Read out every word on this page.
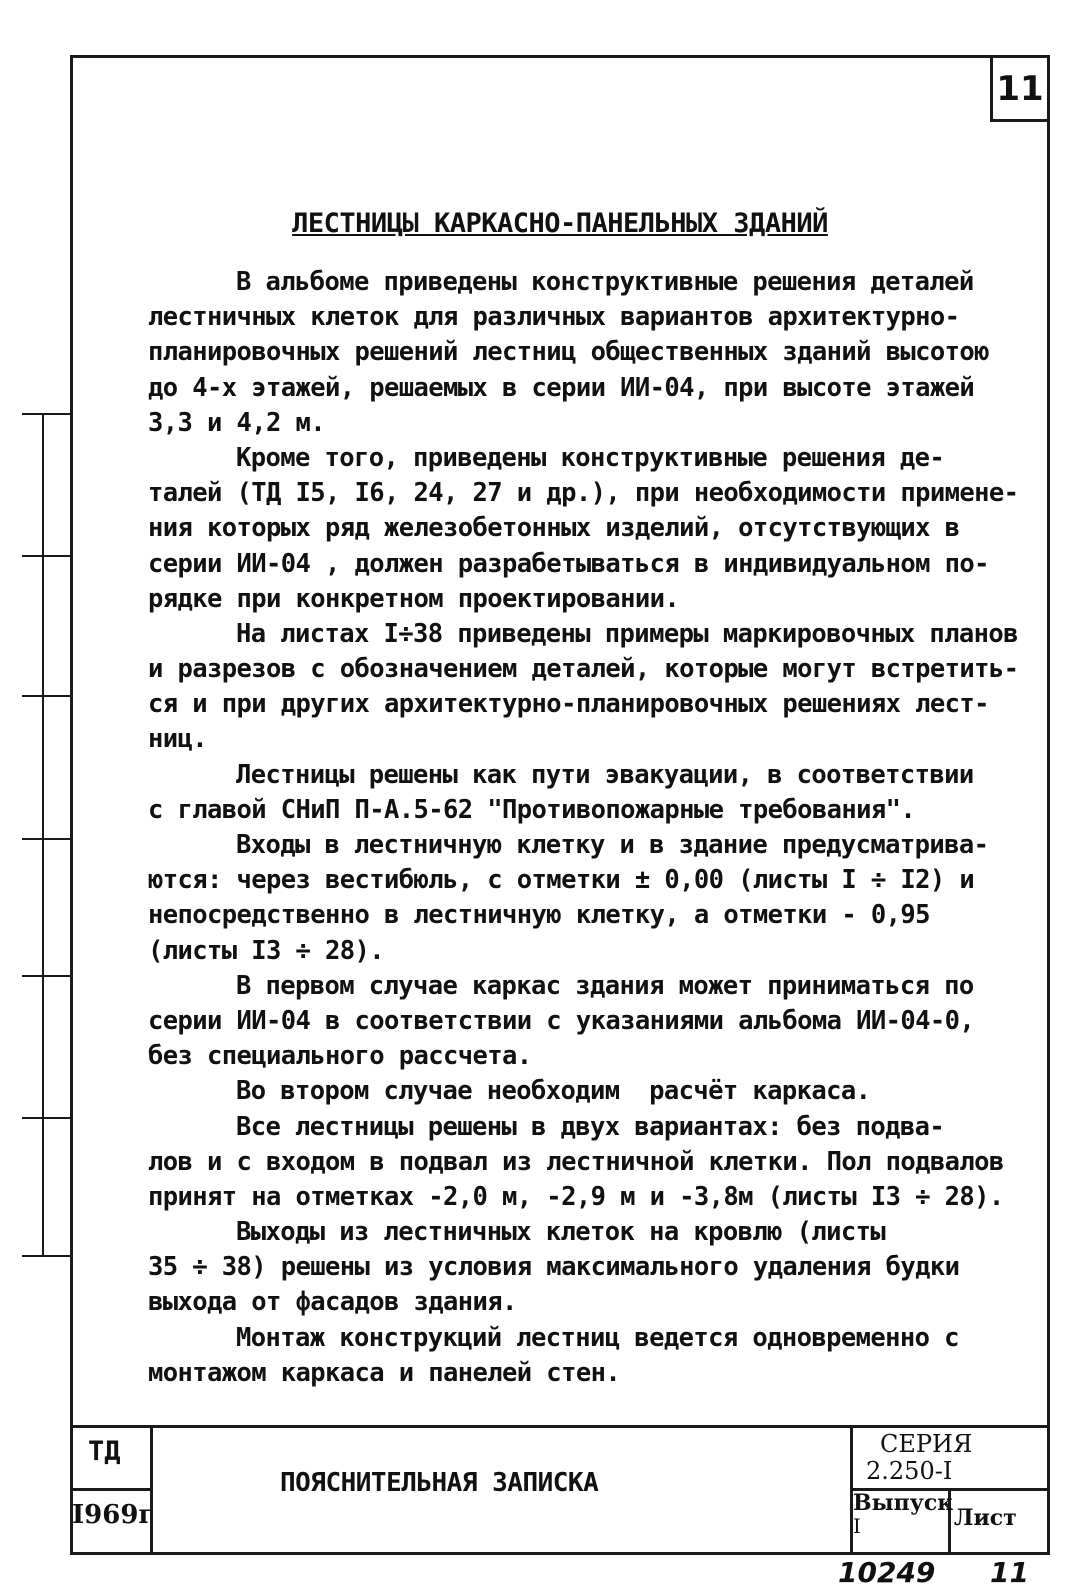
11
ЛЕСТНИЦЫ КАРКАСНО-ПАНЕЛЬНЫХ ЗДАНИЙ
В альбоме приведены конструктивные решения деталей
лестничных клеток для различных вариантов архитектурно-
планировочных решений лестниц общественных зданий высотою
до 4-х этажей, решаемых в серии ИИ-04, при высоте этажей
3,3 и 4,2 м.
Кроме того, приведены конструктивные решения де-
талей (ТД I5, I6, 24, 27 и др.), при необходимости примене-
ния которых ряд железобетонных изделий, отсутствующих в
серии ИИ-04 , должен разрабетываться в индивидуальном по-
рядке при конкретном проектировании.
На листах I÷38 приведены примеры маркировочных планов
и разрезов с обозначением деталей, которые могут встретить-
ся и при других архитектурно-планировочных решениях лест-
ниц.
Лестницы решены как пути эвакуации, в соответствии
с главой СНиП П-А.5-62 "Противопожарные требования".
Входы в лестничную клетку и в здание предусматрива-
ются: через вестибюль, с отметки ± 0,00 (листы I ÷ I2) и
непосредственно в лестничную клетку, а отметки - 0,95
(листы I3 ÷ 28).
В первом случае каркас здания может приниматься по
серии ИИ-04 в соответствии с указаниями альбома ИИ-04-0,
без специального рассчета.
Во втором случае необходим  расчёт каркаса.
Все лестницы решены в двух вариантах: без подва-
лов и с входом в подвал из лестничной клетки. Пол подвалов
принят на отметках -2,0 м, -2,9 м и -3,8м (листы I3 ÷ 28).
Выходы из лестничных клеток на кровлю (листы
35 ÷ 38) решены из условия максимального удаления будки
выхода от фасадов здания.
Монтаж конструкций лестниц ведется одновременно с
монтажом каркаса и панелей стен.
ТД
I969г
ПОЯСНИТЕЛЬНАЯ ЗАПИСКА
СЕРИЯ
2.250-I
Выпуск
I	Лист
10249 11
